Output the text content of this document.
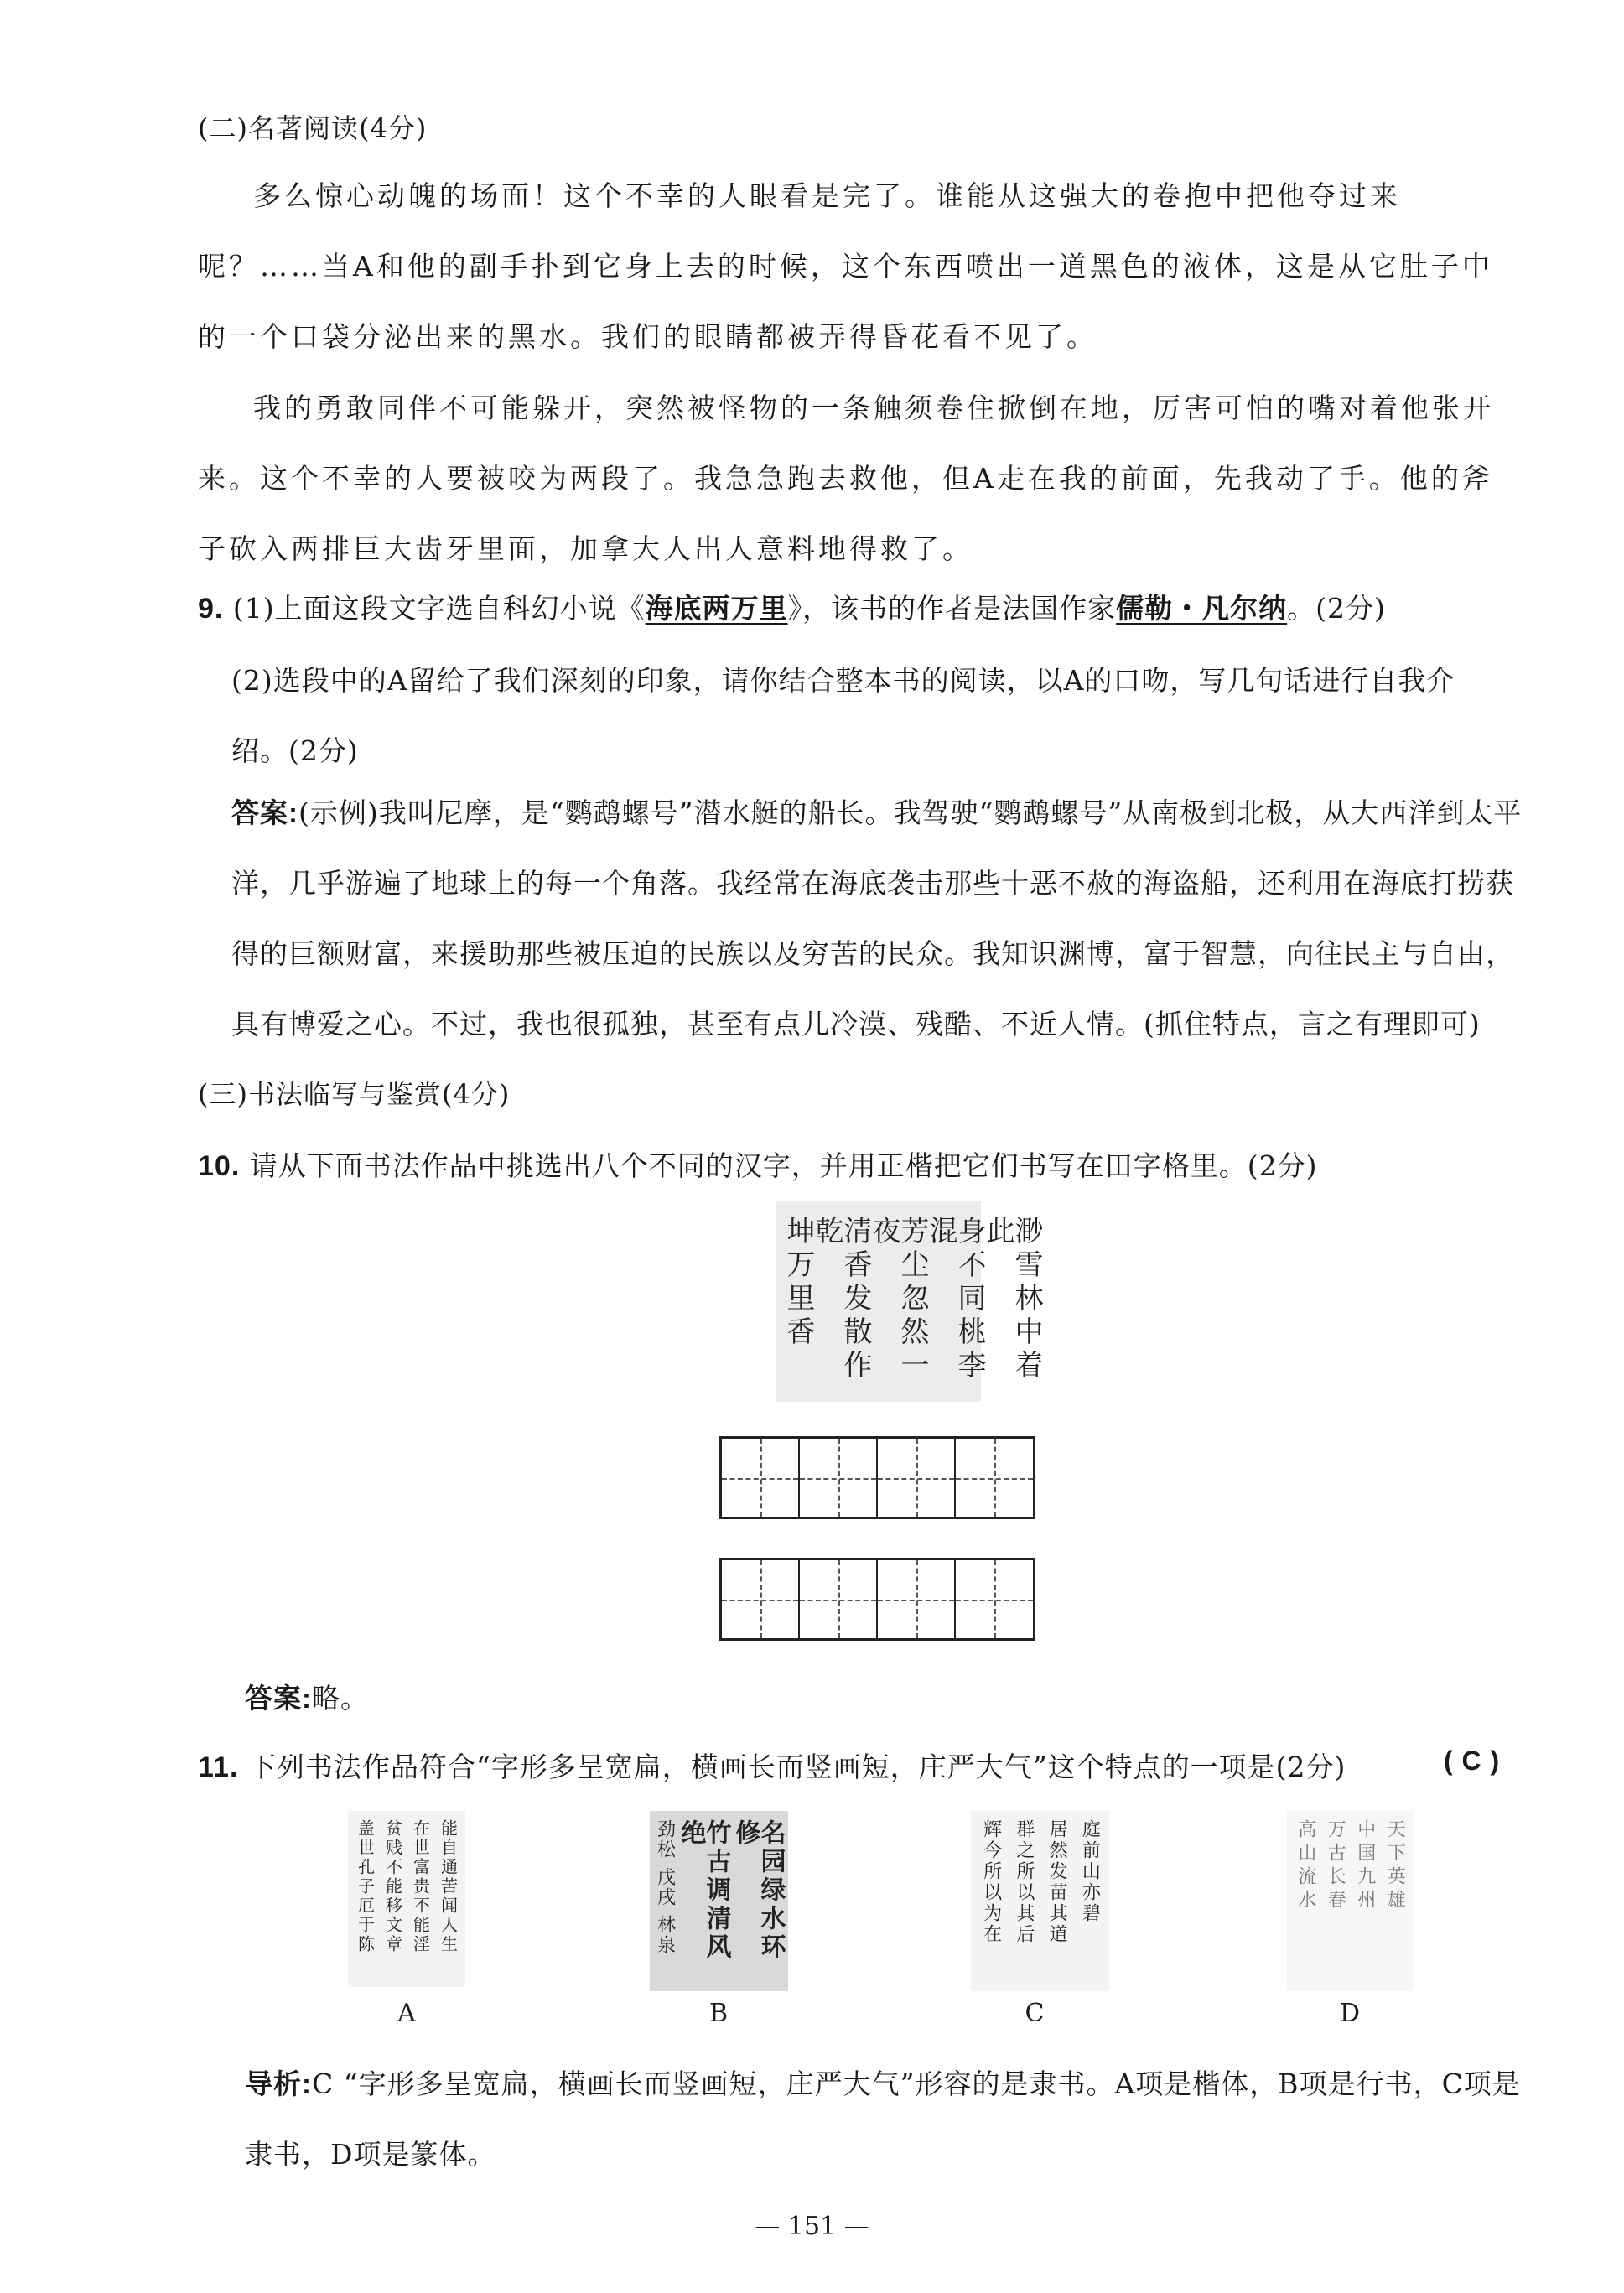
(二)名著阅读(4分)
多么惊心动魄的场面！这个不幸的人眼看是完了。谁能从这强大的卷抱中把他夺过来呢？……当A和他的副手扑到它身上去的时候，这个东西喷出一道黑色的液体，这是从它肚子中的一个口袋分泌出来的黑水。我们的眼睛都被弄得昏花看不见了。
我的勇敢同伴不可能躲开，突然被怪物的一条触须卷住掀倒在地，厉害可怕的嘴对着他张开来。这个不幸的人要被咬为两段了。我急急跑去救他，但A走在我的前面，先我动了手。他的斧子砍入两排巨大齿牙里面，加拿大人出人意料地得救了。
9. (1)上面这段文字选自科幻小说《海底两万里》，该书的作者是法国作家儒勒・凡尔纳。(2分)
(2)选段中的A留给了我们深刻的印象，请你结合整本书的阅读，以A的口吻，写几句话进行自我介
绍。(2分)
答案:(示例)我叫尼摩，是“鹦鹉螺号”潜水艇的船长。我驾驶“鹦鹉螺号”从南极到北极，从大西洋到太平洋，几乎游遍了地球上的每一个角落。我经常在海底袭击那些十恶不赦的海盗船，还利用在海底打捞获得的巨额财富，来援助那些被压迫的民族以及穷苦的民众。我知识渊博，富于智慧，向往民主与自由，具有博爱之心。不过，我也很孤独，甚至有点儿冷漠、残酷、不近人情。(抓住特点，言之有理即可)
(三)书法临写与鉴赏(4分)
10. 请从下面书法作品中挑选出八个不同的汉字，并用正楷把它们书写在田字格里。(2分)
渺雪林中着此
身不同桃李混
芳尘忽然一夜
清香发散作乾
坤万里香
答案:略。
11. 下列书法作品符合“字形多呈宽扁，横画长而竖画短，庄严大气”这个特点的一项是(2分)	( C )
能自通苦闻人生
在世富贵不能淫
贫贱不能移文章
盖世孔子厄于陈
A
名园绿水环修
竹古调清风绝
劲松 戊戌 林泉
B
庭前山亦碧
居然发苗其道
群之所以其后
辉今所以为在
C
天下英雄
中国九州
万古长春
高山流水
D
导析:C “字形多呈宽扁，横画长而竖画短，庄严大气”形容的是隶书。A项是楷体，B项是行书，C项是隶书，D项是篆体。
— 151 —
